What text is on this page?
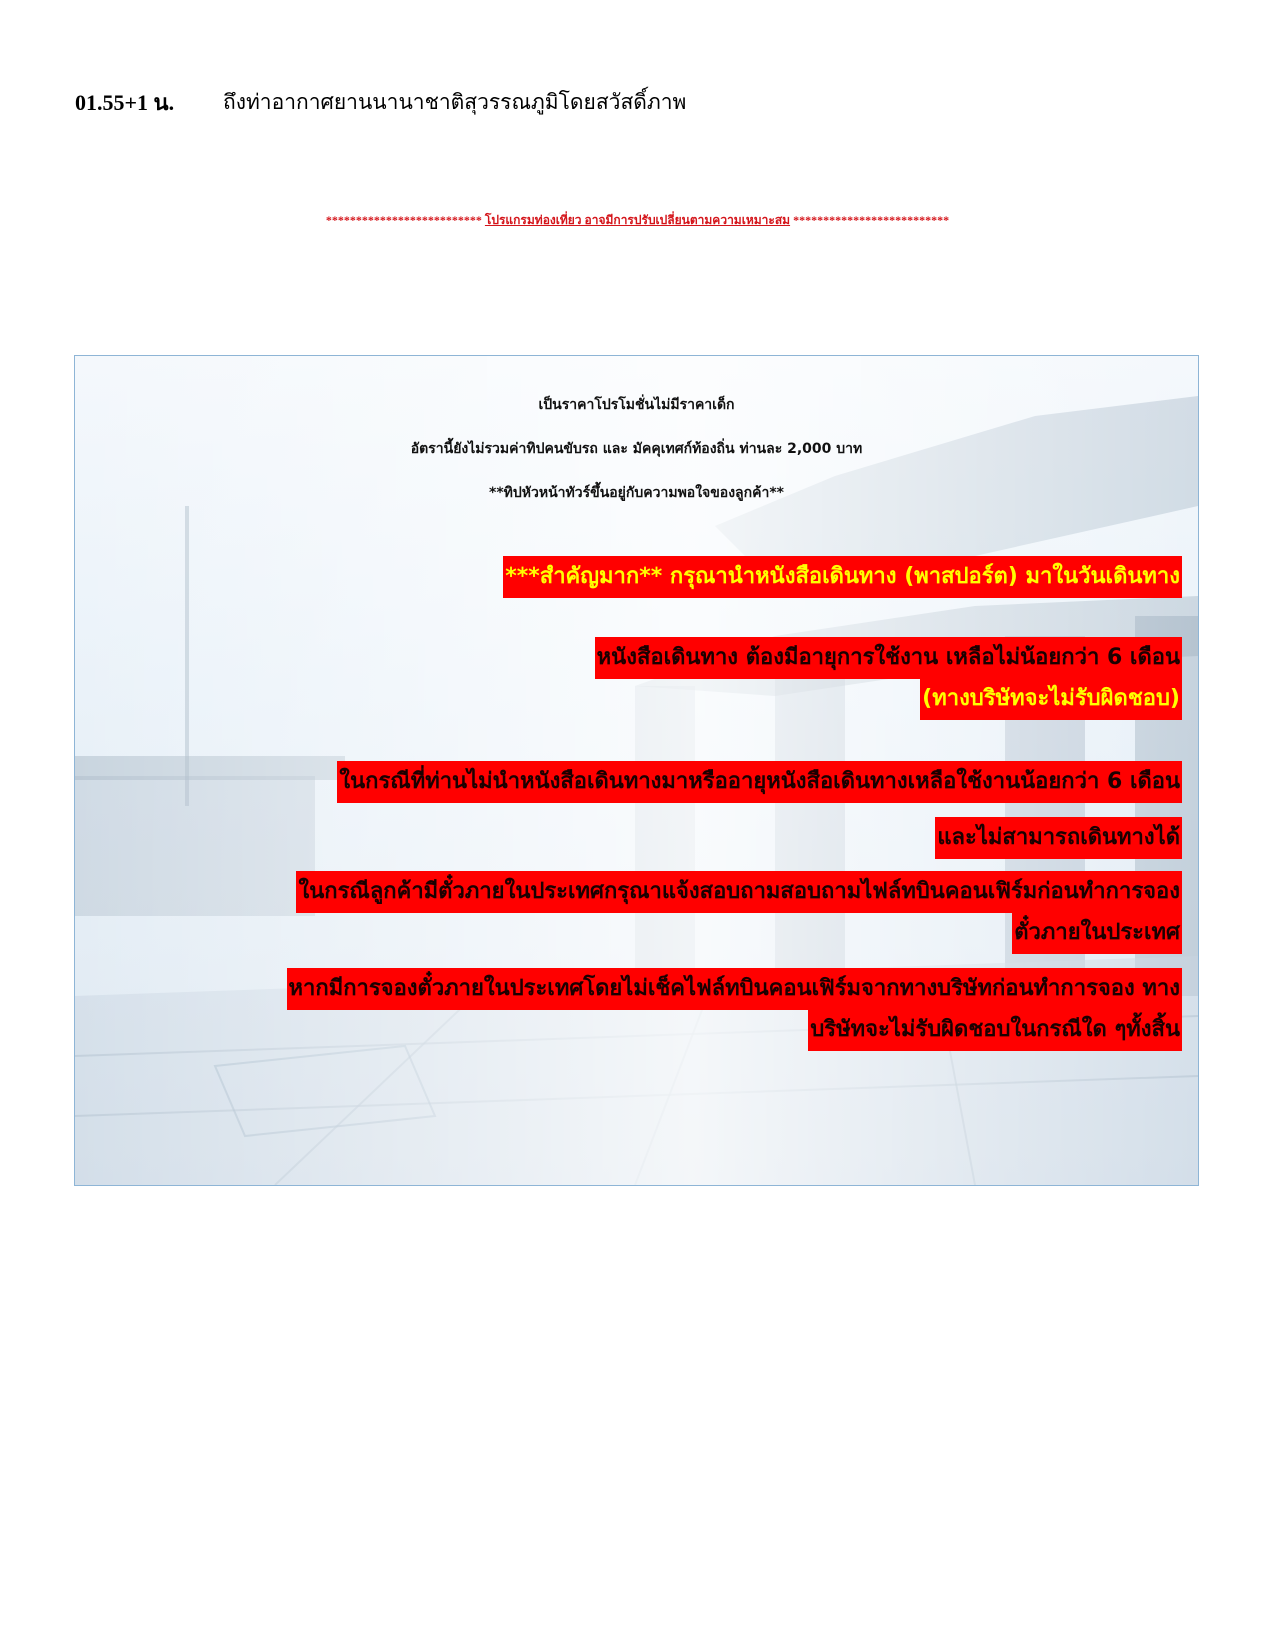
01.55+1 น.	ถึงท่าอากาศยานนานาชาติสุวรรณภูมิโดยสวัสดิ์ภาพ
************************** โปรแกรมท่องเที่ยว อาจมีการปรับเปลี่ยนตามความเหมาะสม **************************
เป็นราคาโปรโมชั่นไม่มีราคาเด็ก
อัตรานี้ยังไม่รวมค่าทิปคนขับรถ และ มัคคุเทศก์ท้องถิ่น ท่านละ 2,000 บาท
**ทิปหัวหน้าทัวร์ขึ้นอยู่กับความพอใจของลูกค้า**
***สำคัญมาก** กรุณานำหนังสือเดินทาง (พาสปอร์ต) มาในวันเดินทาง
หนังสือเดินทาง ต้องมีอายุการใช้งาน เหลือไม่น้อยกว่า 6 เดือน
(ทางบริษัทจะไม่รับผิดชอบ)
ในกรณีที่ท่านไม่นำหนังสือเดินทางมาหรืออายุหนังสือเดินทางเหลือใช้งานน้อยกว่า 6 เดือน
และไม่สามารถเดินทางได้
ในกรณีลูกค้ามีตั๋วภายในประเทศกรุณาแจ้งสอบถามสอบถามไฟล์ทบินคอนเฟิร์มก่อนทำการจอง
ตั๋วภายในประเทศ
หากมีการจองตั๋วภายในประเทศโดยไม่เช็คไฟล์ทบินคอนเฟิร์มจากทางบริษัทก่อนทำการจอง ทาง
บริษัทจะไม่รับผิดชอบในกรณีใด ๆทั้งสิ้น
